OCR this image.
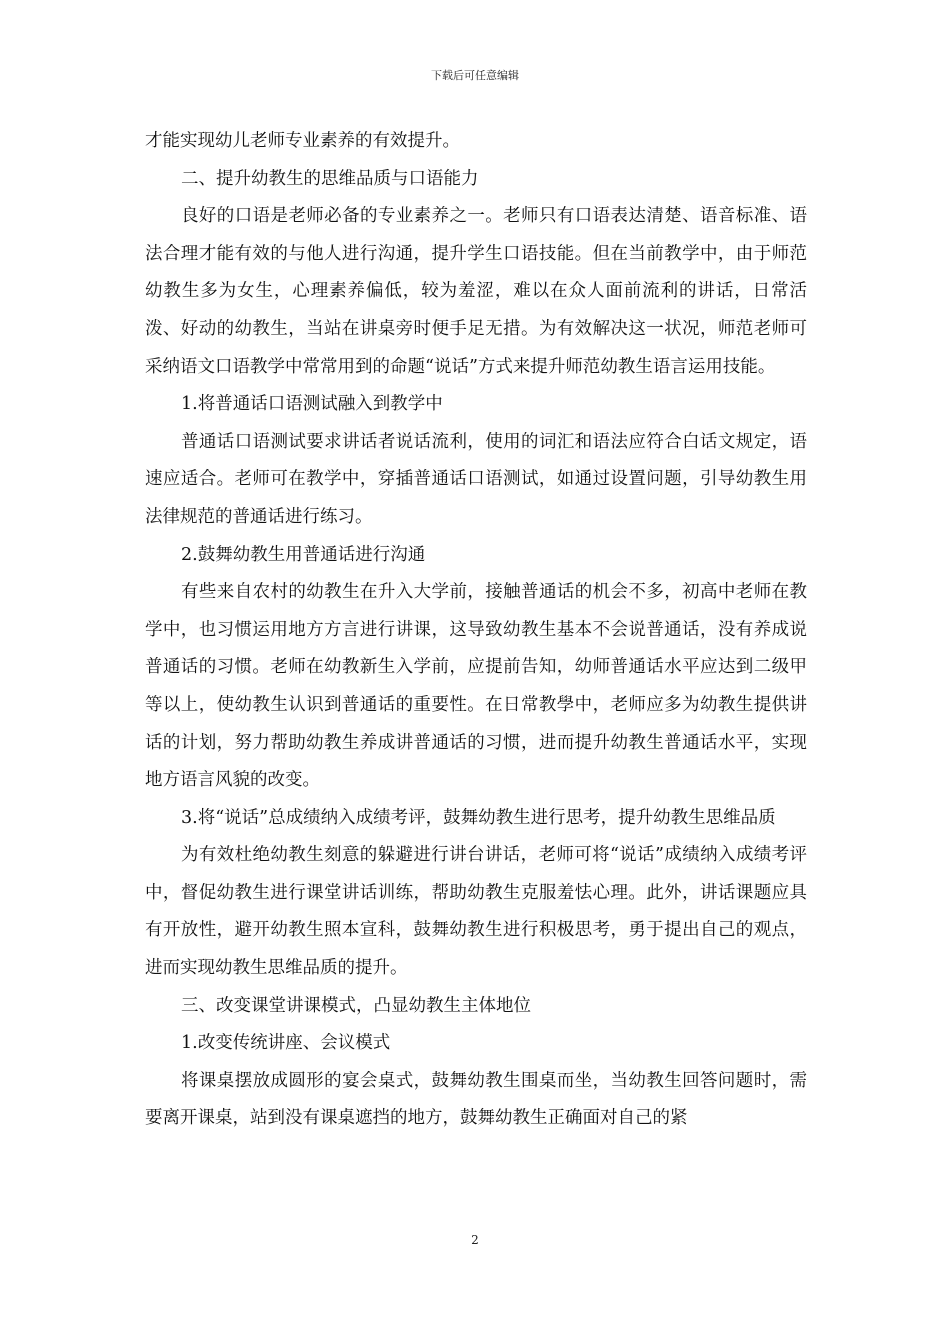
下载后可任意编辑

才能实现幼儿老师专业素养的有效提升。

二、提升幼教生的思维品质与口语能力

良好的口语是老师必备的专业素养之一。老师只有口语表达清楚、语音标准、语法合理才能有效的与他人进行沟通，提升学生口语技能。但在当前教学中，由于师范幼教生多为女生，心理素养偏低，较为羞涩，难以在众人面前流利的讲话，日常活泼、好动的幼教生，当站在讲桌旁时便手足无措。为有效解决这一状况，师范老师可采纳语文口语教学中常常用到的命题“说话”方式来提升师范幼教生语言运用技能。

1.将普通话口语测试融入到教学中

普通话口语测试要求讲话者说话流利，使用的词汇和语法应符合白话文规定，语速应适合。老师可在教学中，穿插普通话口语测试，如通过设置问题，引导幼教生用法律规范的普通话进行练习。

2.鼓舞幼教生用普通话进行沟通

有些来自农村的幼教生在升入大学前，接触普通话的机会不多，初高中老师在教学中，也习惯运用地方方言进行讲课，这导致幼教生基本不会说普通话，没有养成说普通话的习惯。老师在幼教新生入学前，应提前告知，幼师普通话水平应达到二级甲等以上，使幼教生认识到普通话的重要性。在日常教學中，老师应多为幼教生提供讲话的计划，努力帮助幼教生养成讲普通话的习惯，进而提升幼教生普通话水平，实现地方语言风貌的改变。

3.将“说话”总成绩纳入成绩考评，鼓舞幼教生进行思考，提升幼教生思维品质

为有效杜绝幼教生刻意的躲避进行讲台讲话，老师可将“说话”成绩纳入成绩考评中，督促幼教生进行课堂讲话训练，帮助幼教生克服羞怯心理。此外，讲话课题应具有开放性，避开幼教生照本宣科，鼓舞幼教生进行积极思考，勇于提出自己的观点，进而实现幼教生思维品质的提升。

三、改变课堂讲课模式，凸显幼教生主体地位

1.改变传统讲座、会议模式

将课桌摆放成圆形的宴会桌式，鼓舞幼教生围桌而坐，当幼教生回答问题时，需要离开课桌，站到没有课桌遮挡的地方，鼓舞幼教生正确面对自己的紧

2
